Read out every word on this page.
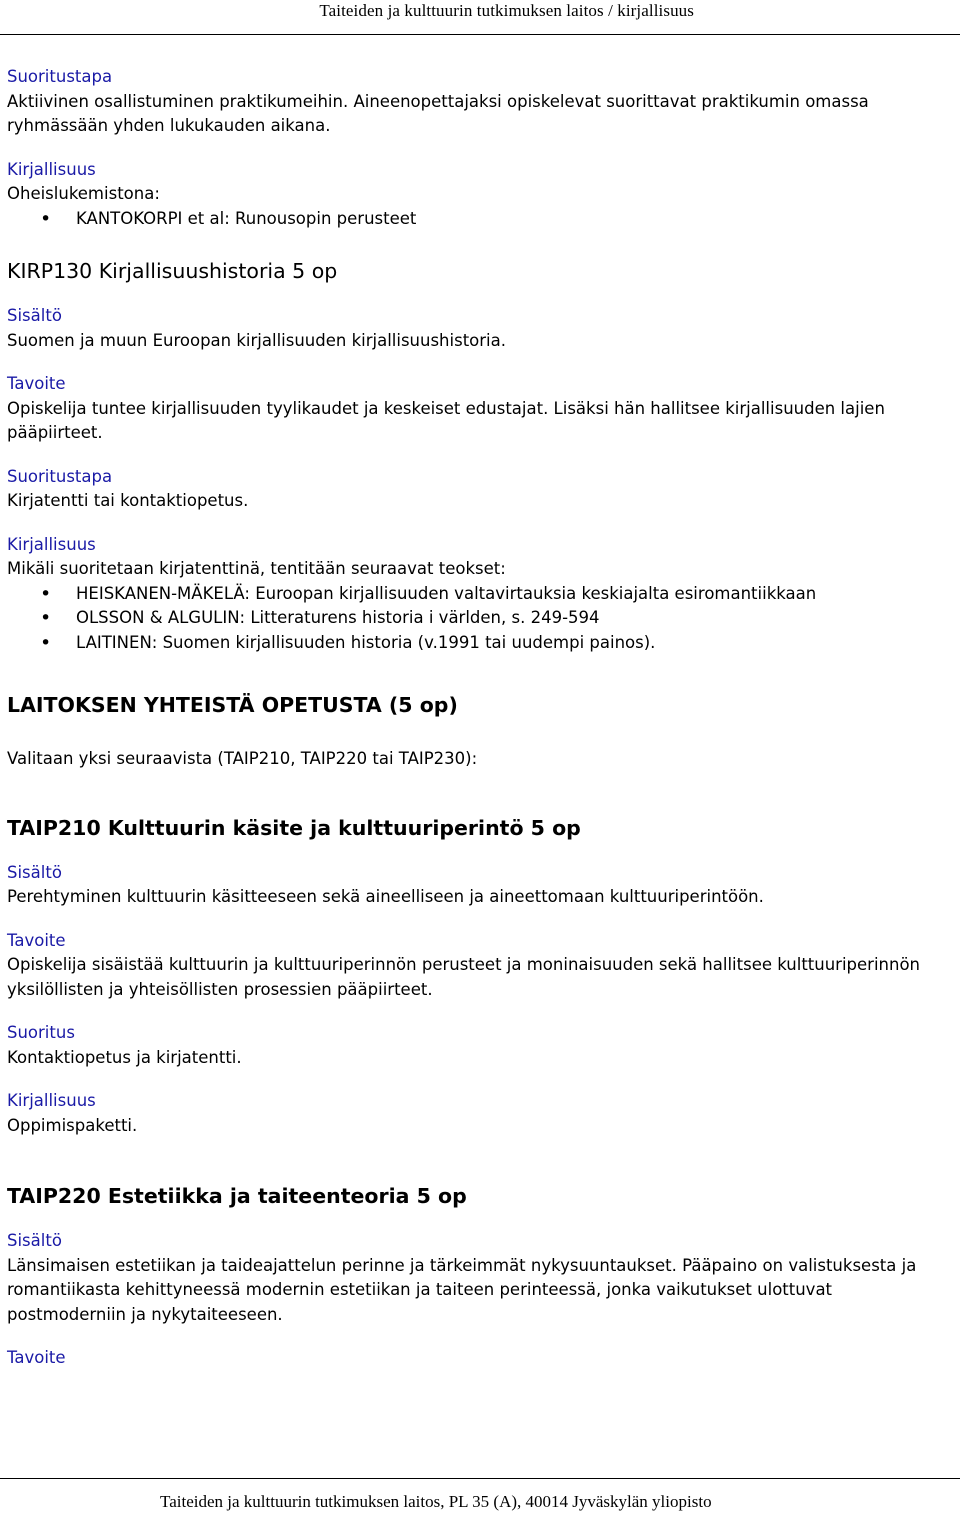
Taiteiden ja kulttuurin tutkimuksen laitos / kirjallisuus

Suoritustapa

Aktiivinen osallistuminen praktikumeihin. Aineenopettajaksi opiskelevat suorittavat praktikumin omassa ryhmässään yhden lukukauden aikana.

Kirjallisuus

Oheislukemistona:

• KANTOKORPI et al: Runousopin perusteet
KIRP130 Kirjallisuushistoria 5 op

Sisältö

Suomen ja muun Euroopan kirjallisuuden kirjallisuushistoria.

Tavoite

Opiskelija tuntee kirjallisuuden tyylikaudet ja keskeiset edustajat. Lisäksi hän hallitsee kirjallisuuden lajien pääpiirteet.

Suoritustapa

Kirjatentti tai kontaktiopetus.

Kirjallisuus

Mikäli suoritetaan kirjatenttinä, tentitään seuraavat teokset:

• HEISKANEN-MÄKELÄ: Euroopan kirjallisuuden valtavirtauksia keskiajalta esiromantiikkaan
• OLSSON & ALGULIN: Litteraturens historia i världen, s. 249-594
• LAITINEN: Suomen kirjallisuuden historia (v.1991 tai uudempi painos).
LAITOKSEN YHTEISTÄ OPETUSTA (5 op)

Valitaan yksi seuraavista (TAIP210, TAIP220 tai TAIP230):

TAIP210 Kulttuurin käsite ja kulttuuriperintö 5 op

Sisältö

Perehtyminen kulttuurin käsitteeseen sekä aineelliseen ja aineettomaan kulttuuriperintöön.

Tavoite

Opiskelija sisäistää kulttuurin ja kulttuuriperinnön perusteet ja moninaisuuden sekä hallitsee kulttuuriperinnön yksilöllisten ja yhteisöllisten prosessien pääpiirteet.

Suoritus

Kontaktiopetus ja kirjatentti.

Kirjallisuus

Oppimispaketti.

TAIP220 Estetiikka ja taiteenteoria 5 op

Sisältö

Länsimaisen estetiikan ja taideajattelun perinne ja tärkeimmät nykysuuntaukset. Pääpaino on valistuksesta ja romantiikasta kehittyneessä modernin estetiikan ja taiteen perinteessä, jonka vaikutukset ulottuvat postmoderniin ja nykytaiteeseen.

Tavoite

Taiteiden ja kulttuurin tutkimuksen laitos, PL 35 (A), 40014 Jyväskylän yliopisto
